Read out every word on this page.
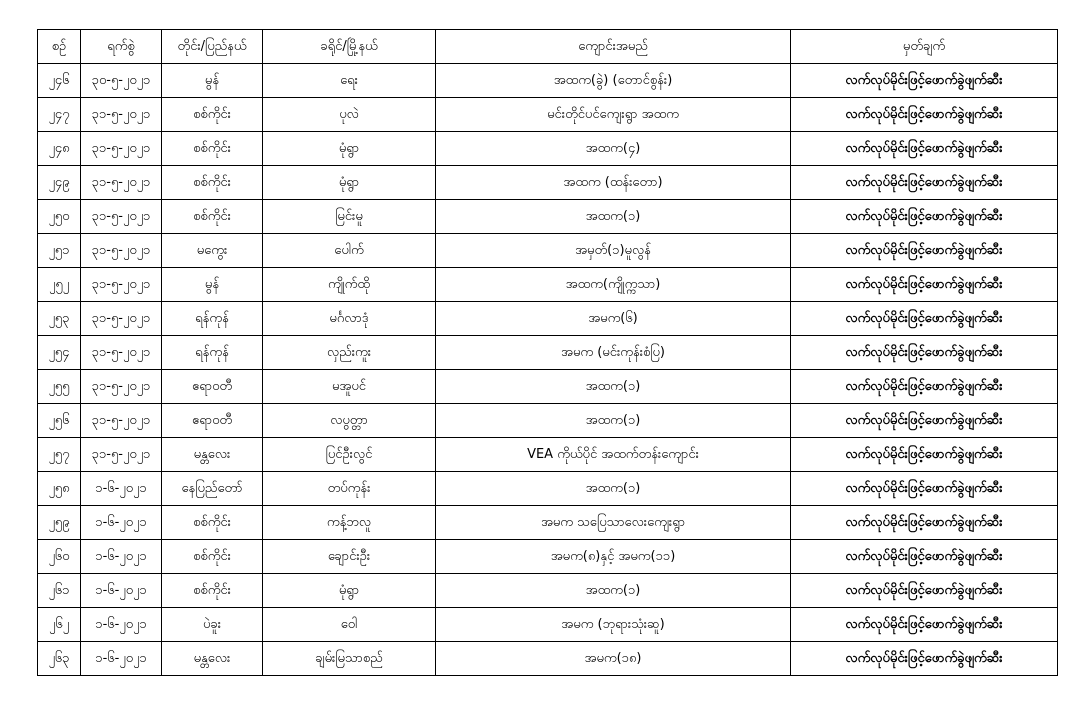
စဉ်	ရက်စွဲ	တိုင်း/ပြည်နယ်	ခရိုင်/မြို့နယ်	ကျောင်းအမည်	မှတ်ချက်
၂၄၆	၃၀-၅-၂၀၂၁	မွန်	ရေး	အထက(ခွဲ) (တောင်စွန်း)	လက်လုပ်မိုင်းဖြင့်ဖောက်ခွဲဖျက်ဆီး
၂၄၇	၃၁-၅-၂၀၂၁	စစ်ကိုင်း	ပုလဲ	မင်းတိုင်ပင်ကျေးရွာ အထက	လက်လုပ်မိုင်းဖြင့်ဖောက်ခွဲဖျက်ဆီး
၂၄၈	၃၁-၅-၂၀၂၁	စစ်ကိုင်း	မုံရွာ	အထက(၄)	လက်လုပ်မိုင်းဖြင့်ဖောက်ခွဲဖျက်ဆီး
၂၄၉	၃၁-၅-၂၀၂၁	စစ်ကိုင်း	မုံရွာ	အထက (ထန်းတော)	လက်လုပ်မိုင်းဖြင့်ဖောက်ခွဲဖျက်ဆီး
၂၅၀	၃၁-၅-၂၀၂၁	စစ်ကိုင်း	မြင်းမူ	အထက(၁)	လက်လုပ်မိုင်းဖြင့်ဖောက်ခွဲဖျက်ဆီး
၂၅၁	၃၁-၅-၂၀၂၁	မကွေး	ပေါက်	အမှတ်(၁)မူလွန်	လက်လုပ်မိုင်းဖြင့်ဖောက်ခွဲဖျက်ဆီး
၂၅၂	၃၁-၅-၂၀၂၁	မွန်	ကျိုက်ထို	အထက(ကျိုက္ကသာ)	လက်လုပ်မိုင်းဖြင့်ဖောက်ခွဲဖျက်ဆီး
၂၅၃	၃၁-၅-၂၀၂၁	ရန်ကုန်	မင်္ဂလာဒုံ	အမက(၆)	လက်လုပ်မိုင်းဖြင့်ဖောက်ခွဲဖျက်ဆီး
၂၅၄	၃၁-၅-၂၀၂၁	ရန်ကုန်	လှည်းကူး	အမက (မင်းကုန်းစံပြ)	လက်လုပ်မိုင်းဖြင့်ဖောက်ခွဲဖျက်ဆီး
၂၅၅	၃၁-၅-၂၀၂၁	ဧရာဝတီ	မအူပင်	အထက(၁)	လက်လုပ်မိုင်းဖြင့်ဖောက်ခွဲဖျက်ဆီး
၂၅၆	၃၁-၅-၂၀၂၁	ဧရာဝတီ	လပွတ္တာ	အထက(၁)	လက်လုပ်မိုင်းဖြင့်ဖောက်ခွဲဖျက်ဆီး
၂၅၇	၃၁-၅-၂၀၂၁	မန္တလေး	ပြင်ဦးလွင်	VEA ကိုယ်ပိုင် အထက်တန်းကျောင်း	လက်လုပ်မိုင်းဖြင့်ဖောက်ခွဲဖျက်ဆီး
၂၅၈	၁-၆-၂၀၂၁	နေပြည်တော်	တပ်ကုန်း	အထက(၁)	လက်လုပ်မိုင်းဖြင့်ဖောက်ခွဲဖျက်ဆီး
၂၅၉	၁-၆-၂၀၂၁	စစ်ကိုင်း	ကန့်ဘလူ	အမက သပြေသာလေးကျေးရွာ	လက်လုပ်မိုင်းဖြင့်ဖောက်ခွဲဖျက်ဆီး
၂၆၀	၁-၆-၂၀၂၁	စစ်ကိုင်း	ချောင်းဦး	အမက(၈)နှင့် အမက(၁၁)	လက်လုပ်မိုင်းဖြင့်ဖောက်ခွဲဖျက်ဆီး
၂၆၁	၁-၆-၂၀၂၁	စစ်ကိုင်း	မုံရွာ	အထက(၁)	လက်လုပ်မိုင်းဖြင့်ဖောက်ခွဲဖျက်ဆီး
၂၆၂	၁-၆-၂၀၂၁	ပဲခူး	ဝေါ	အမက (ဘုရားသုံးဆူ)	လက်လုပ်မိုင်းဖြင့်ဖောက်ခွဲဖျက်ဆီး
၂၆၃	၁-၆-၂၀၂၁	မန္တလေး	ချမ်းမြသာစည်	အမက(၁၈)	လက်လုပ်မိုင်းဖြင့်ဖောက်ခွဲဖျက်ဆီး
